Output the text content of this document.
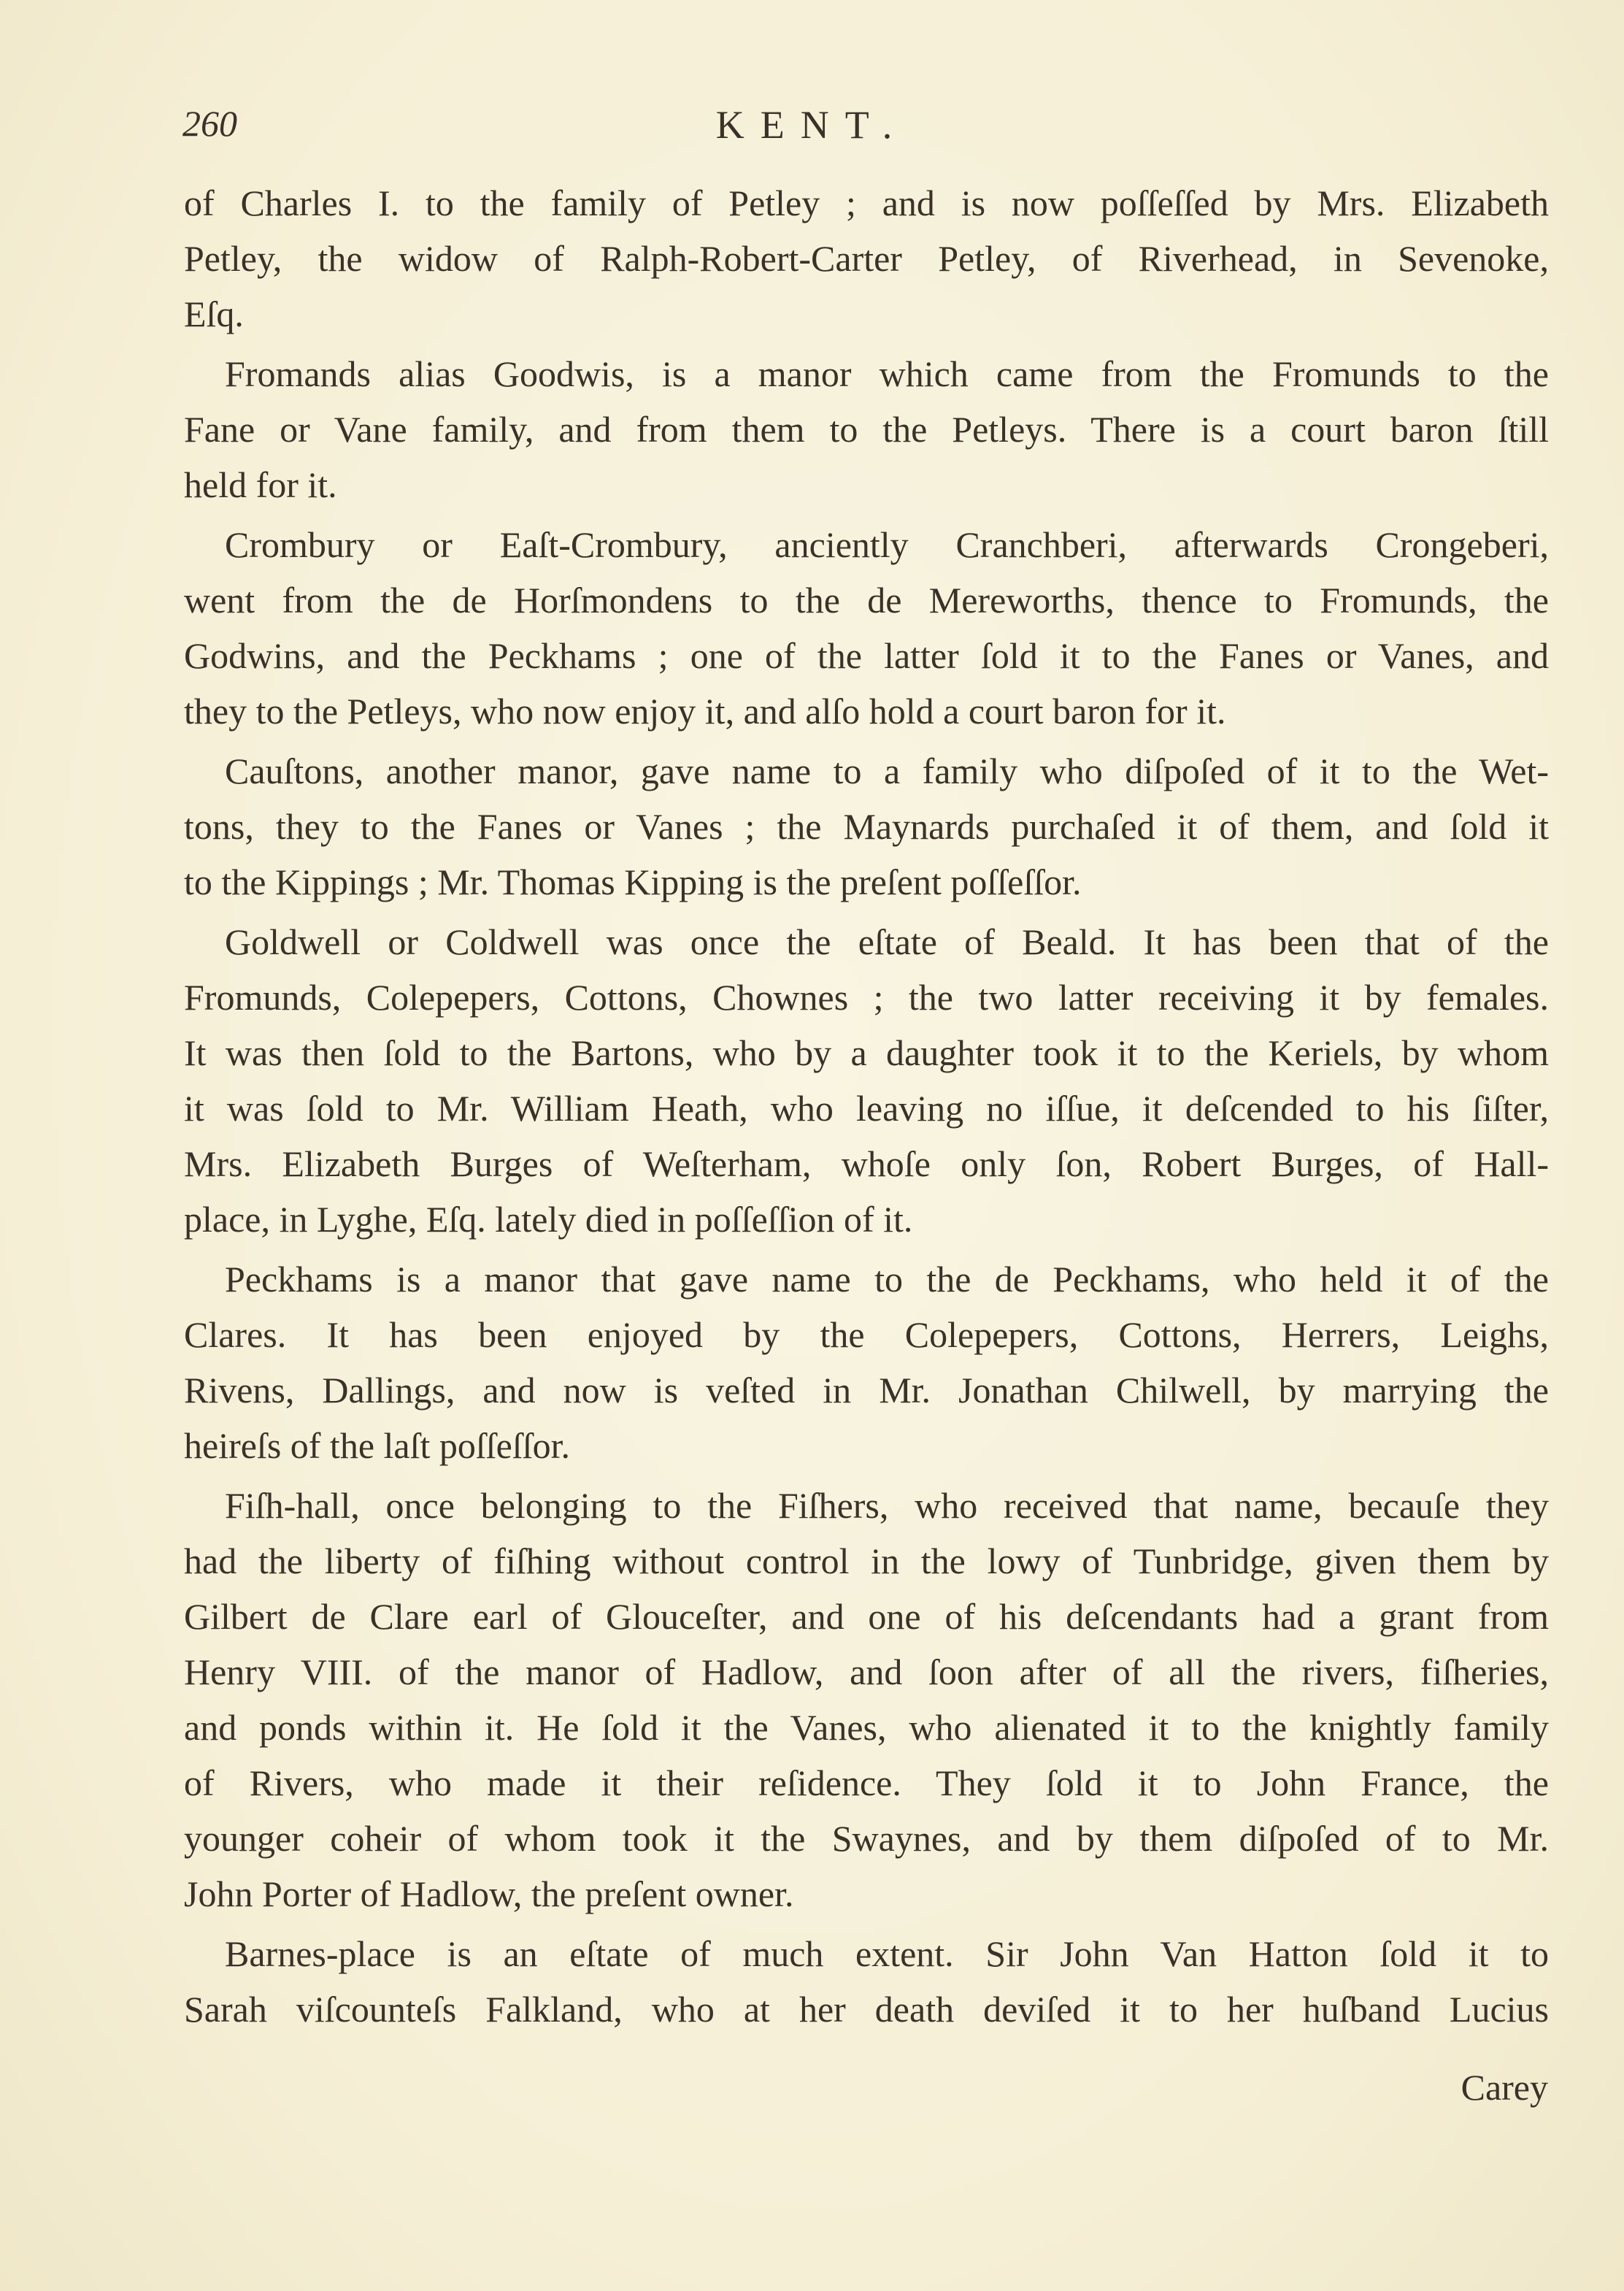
260	KENT.
of Charles I. to the family of Petley ; and is now poſſeſſed by Mrs. Elizabeth
Petley, the widow of Ralph-Robert-Carter Petley, of Riverhead, in Sevenoke,
Eſq.
Fromands alias Goodwis, is a manor which came from the Fromunds to the
Fane or Vane family, and from them to the Petleys. There is a court baron ſtill
held for it.
Crombury or Eaſt-Crombury, anciently Cranchberi, afterwards Crongeberi,
went from the de Horſmondens to the de Mereworths, thence to Fromunds, the
Godwins, and the Peckhams ; one of the latter ſold it to the Fanes or Vanes, and
they to the Petleys, who now enjoy it, and alſo hold a court baron for it.
Cauſtons, another manor, gave name to a family who diſpoſed of it to the Wet-
tons, they to the Fanes or Vanes ; the Maynards purchaſed it of them, and ſold it
to the Kippings ; Mr. Thomas Kipping is the preſent poſſeſſor.
Goldwell or Coldwell was once the eſtate of Beald. It has been that of the
Fromunds, Colepepers, Cottons, Chownes ; the two latter receiving it by females.
It was then ſold to the Bartons, who by a daughter took it to the Keriels, by whom
it was ſold to Mr. William Heath, who leaving no iſſue, it deſcended to his ſiſter,
Mrs. Elizabeth Burges of Weſterham, whoſe only ſon, Robert Burges, of Hall-
place, in Lyghe, Eſq. lately died in poſſeſſion of it.
Peckhams is a manor that gave name to the de Peckhams, who held it of the
Clares. It has been enjoyed by the Colepepers, Cottons, Herrers, Leighs,
Rivens, Dallings, and now is veſted in Mr. Jonathan Chilwell, by marrying the
heireſs of the laſt poſſeſſor.
Fiſh-hall, once belonging to the Fiſhers, who received that name, becauſe they
had the liberty of fiſhing without control in the lowy of Tunbridge, given them by
Gilbert de Clare earl of Glouceſter, and one of his deſcendants had a grant from
Henry VIII. of the manor of Hadlow, and ſoon after of all the rivers, fiſheries,
and ponds within it. He ſold it the Vanes, who alienated it to the knightly family
of Rivers, who made it their reſidence. They ſold it to John France, the
younger coheir of whom took it the Swaynes, and by them diſpoſed of to Mr.
John Porter of Hadlow, the preſent owner.
Barnes-place is an eſtate of much extent. Sir John Van Hatton ſold it to
Sarah viſcounteſs Falkland, who at her death deviſed it to her huſband Lucius
Carey
